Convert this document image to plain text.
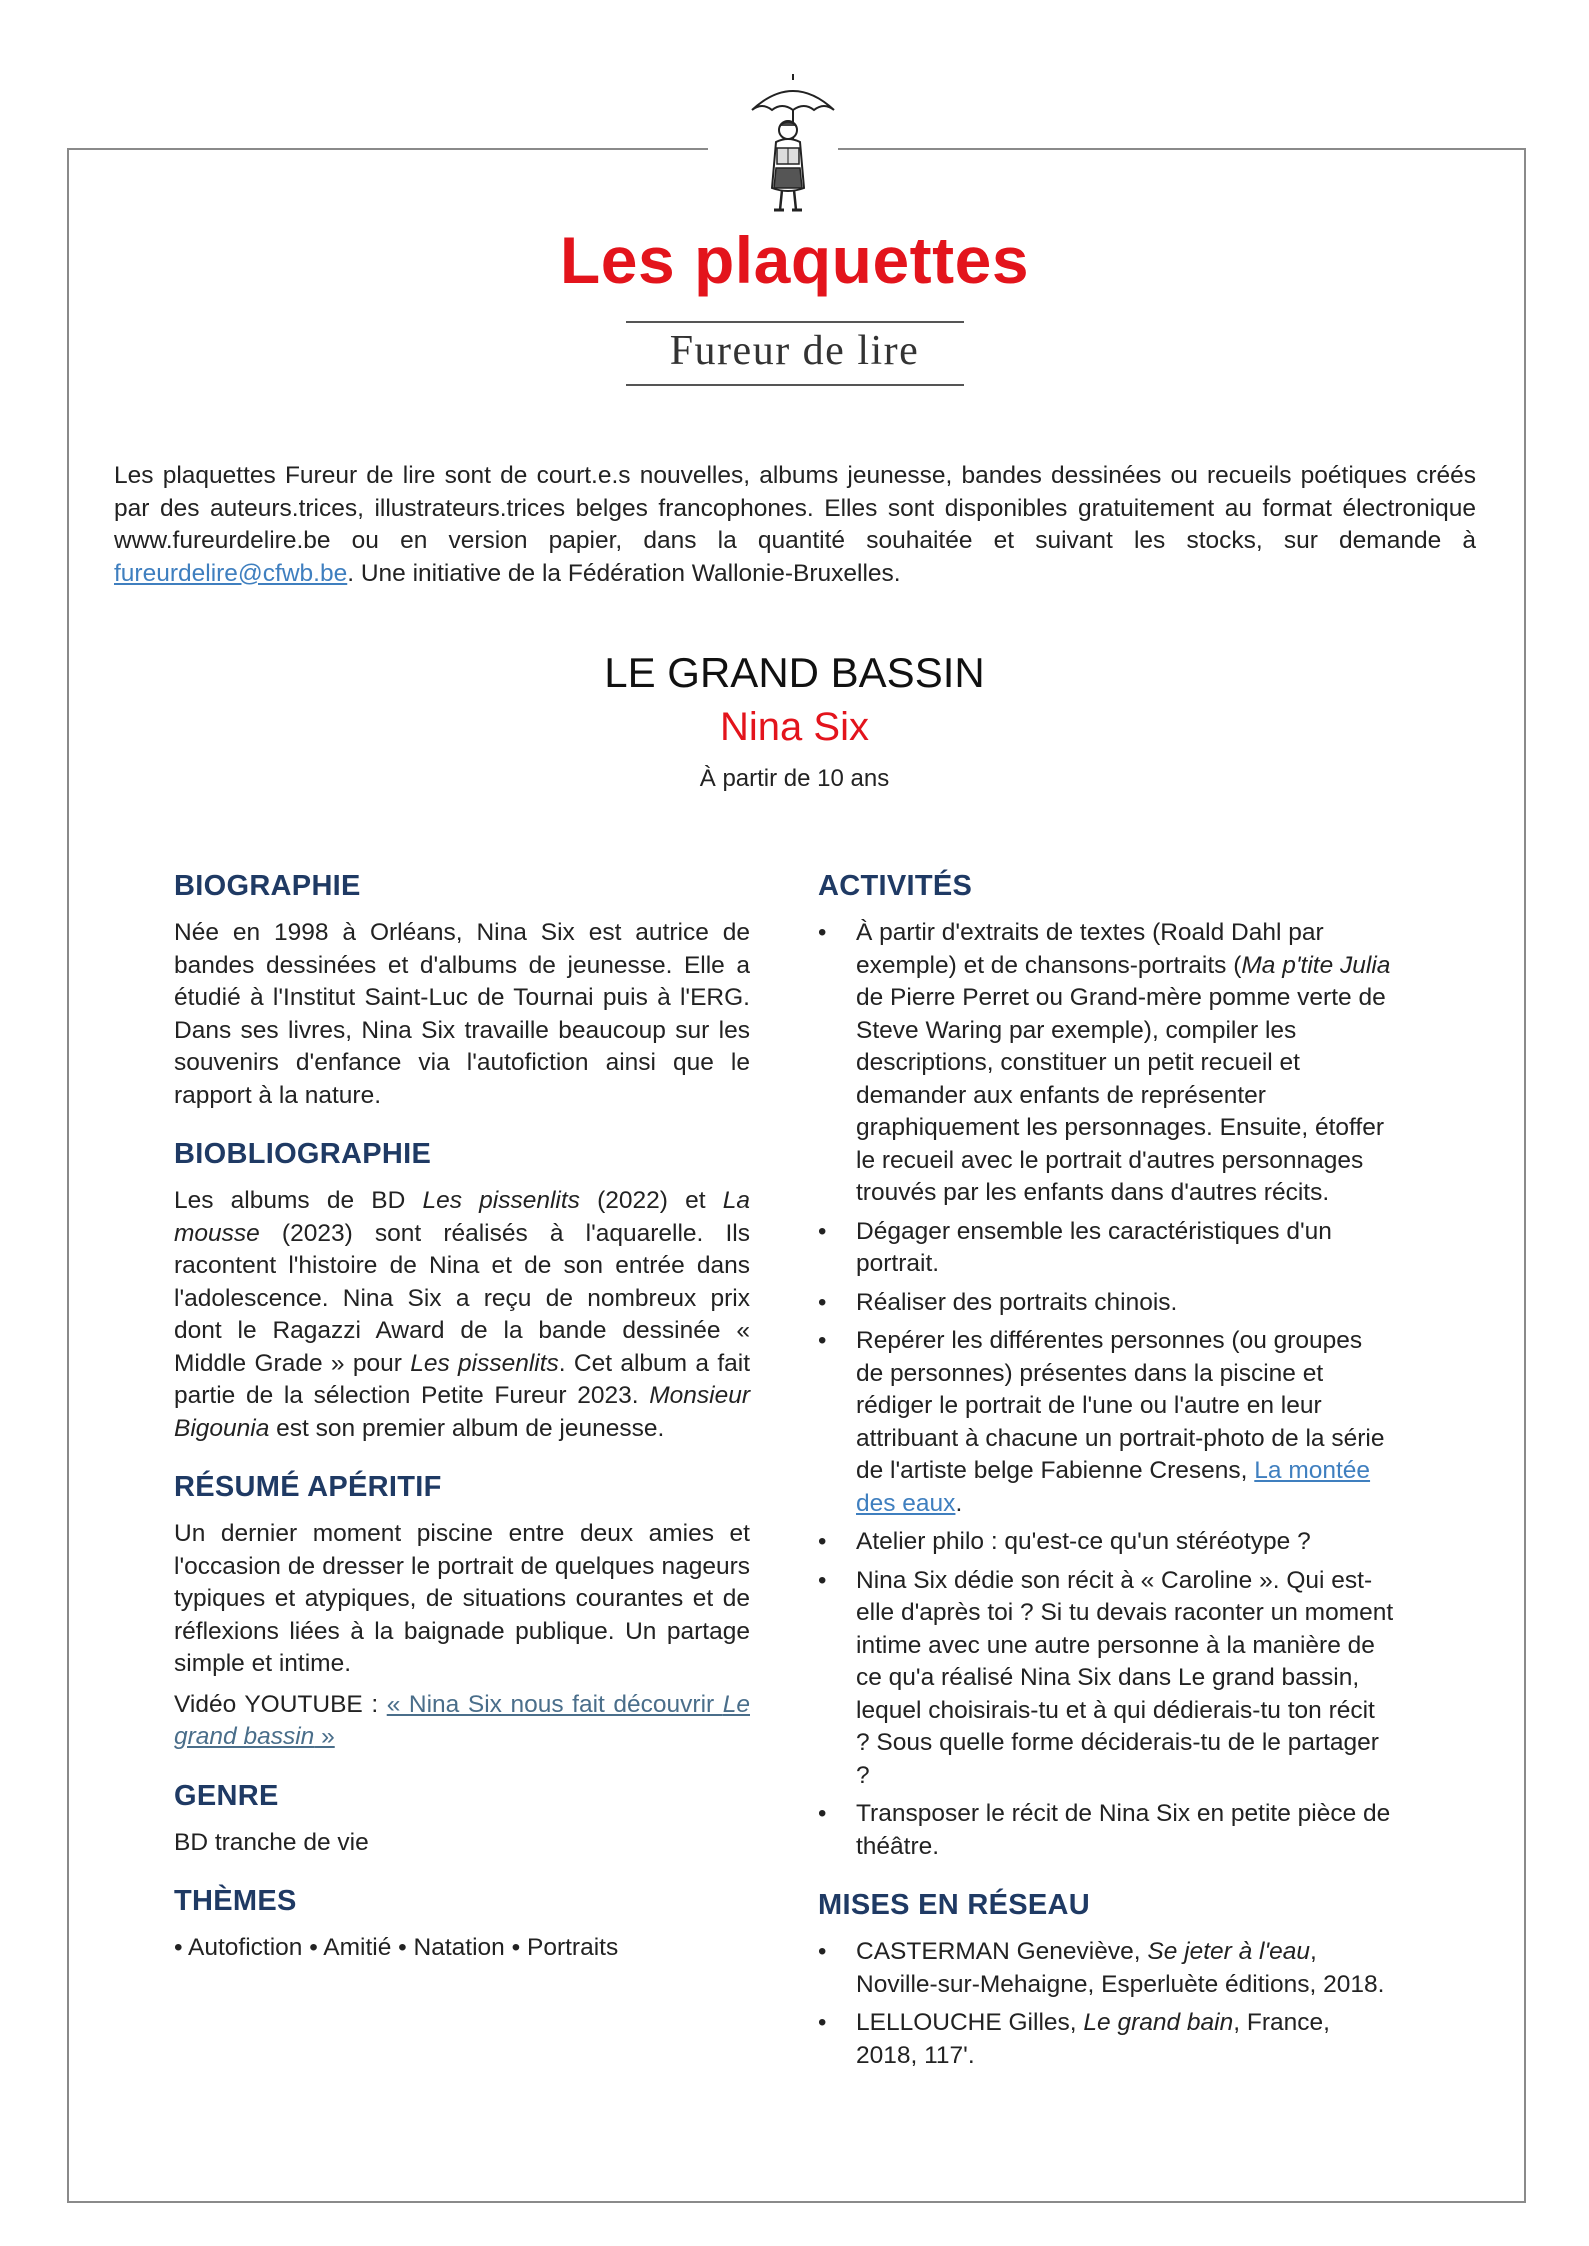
Les plaquettes
Fureur de lire
Les plaquettes Fureur de lire sont de court.e.s nouvelles, albums jeunesse, bandes dessinées ou recueils poétiques créés par des auteurs.trices, illustrateurs.trices belges francophones. Elles sont disponibles gratuitement au format électronique www.fureurdelire.be ou en version papier, dans la quantité souhaitée et suivant les stocks, sur demande à fureurdelire@cfwb.be. Une initiative de la Fédération Wallonie-Bruxelles.
LE GRAND BASSIN
Nina Six
À partir de 10 ans
BIOGRAPHIE

Née en 1998 à Orléans, Nina Six est autrice de bandes dessinées et d'albums de jeunesse. Elle a étudié à l'Institut Saint-Luc de Tournai puis à l'ERG. Dans ses livres, Nina Six travaille beaucoup sur les souvenirs d'enfance via l'autofiction ainsi que le rapport à la nature.

BIOBLIOGRAPHIE

Les albums de BD Les pissenlits (2022) et La mousse (2023) sont réalisés à l'aquarelle. Ils racontent l'histoire de Nina et de son entrée dans l'adolescence. Nina Six a reçu de nombreux prix dont le Ragazzi Award de la bande dessinée « Middle Grade » pour Les pissenlits. Cet album a fait partie de la sélection Petite Fureur 2023. Monsieur Bigounia est son premier album de jeunesse.

RÉSUMÉ APÉRITIF

Un dernier moment piscine entre deux amies et l'occasion de dresser le portrait de quelques nageurs typiques et atypiques, de situations courantes et de réflexions liées à la baignade publique. Un partage simple et intime.

Vidéo YOUTUBE : « Nina Six nous fait découvrir Le grand bassin »

GENRE

BD tranche de vie

THÈMES

• Autofiction • Amitié • Natation • Portraits

ACTIVITÉS
• À partir d'extraits de textes (Roald Dahl par exemple) et de chansons-portraits (Ma p'tite Julia de Pierre Perret ou Grand-mère pomme verte de Steve Waring par exemple), compiler les descriptions, constituer un petit recueil et demander aux enfants de représenter graphiquement les personnages. Ensuite, étoffer le recueil avec le portrait d'autres personnages trouvés par les enfants dans d'autres récits.
• Dégager ensemble les caractéristiques d'un portrait.
• Réaliser des portraits chinois.
• Repérer les différentes personnes (ou groupes de personnes) présentes dans la piscine et rédiger le portrait de l'une ou l'autre en leur attribuant à chacune un portrait-photo de la série de l'artiste belge Fabienne Cresens, La montée des eaux.
• Atelier philo : qu'est-ce qu'un stéréotype ?
• Nina Six dédie son récit à « Caroline ». Qui est-elle d'après toi ? Si tu devais raconter un moment intime avec une autre personne à la manière de ce qu'a réalisé Nina Six dans Le grand bassin, lequel choisirais-tu et à qui dédierais-tu ton récit ? Sous quelle forme déciderais-tu de le partager ?
• Transposer le récit de Nina Six en petite pièce de théâtre.
MISES EN RÉSEAU
• CASTERMAN Geneviève, Se jeter à l'eau, Noville-sur-Mehaigne, Esperluète éditions, 2018.
• LELLOUCHE Gilles, Le grand bain, France, 2018, 117'.
